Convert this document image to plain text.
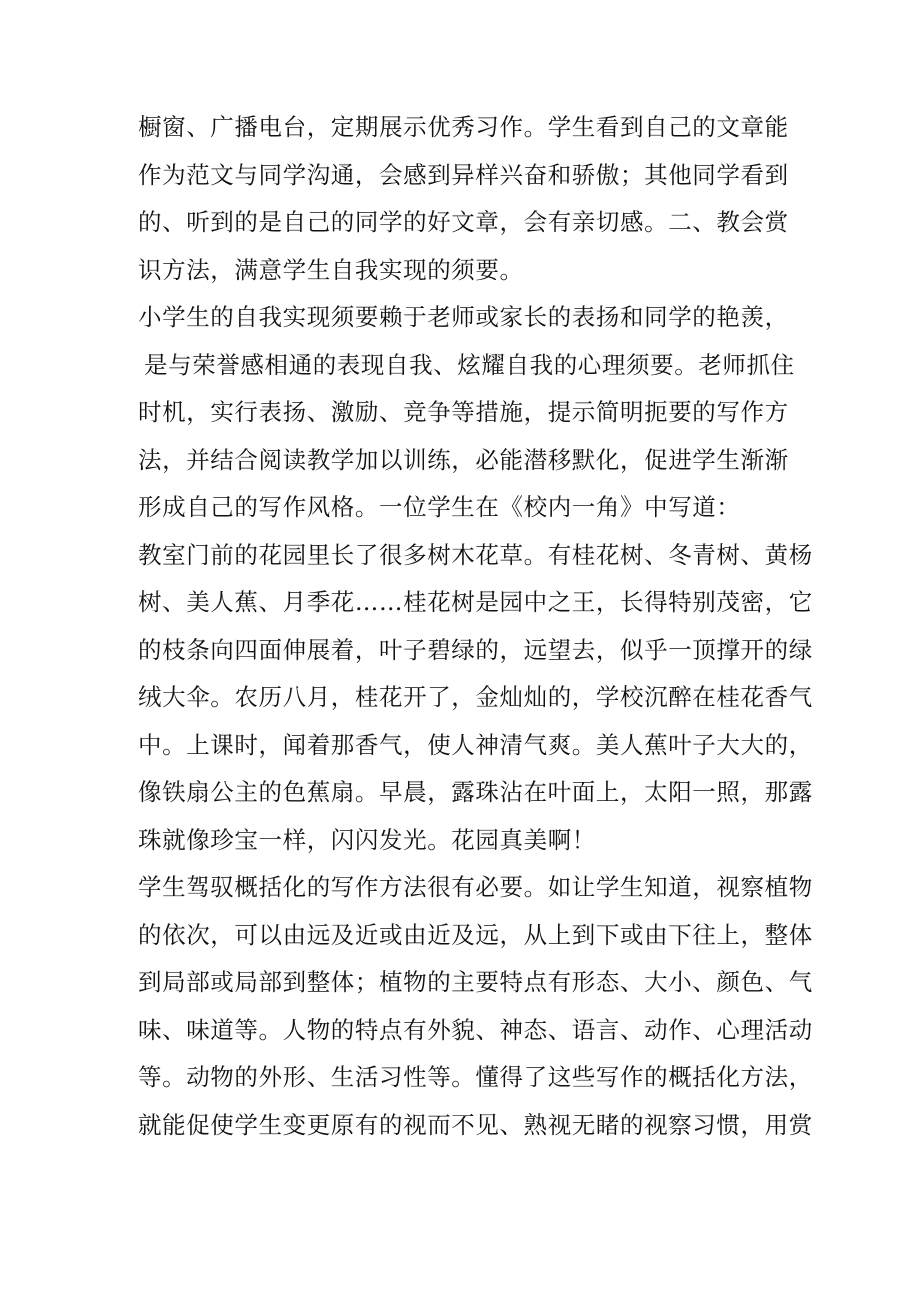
橱窗、广播电台，定期展示优秀习作。学生看到自己的文章能
作为范文与同学沟通，会感到异样兴奋和骄傲；其他同学看到
的、听到的是自己的同学的好文章，会有亲切感。二、教会赏
识方法，满意学生自我实现的须要。
小学生的自我实现须要赖于老师或家长的表扬和同学的艳羡，
是与荣誉感相通的表现自我、炫耀自我的心理须要。老师抓住
时机，实行表扬、激励、竞争等措施，提示简明扼要的写作方
法，并结合阅读教学加以训练，必能潜移默化，促进学生渐渐
形成自己的写作风格。一位学生在《校内一角》中写道：
教室门前的花园里长了很多树木花草。有桂花树、冬青树、黄杨
树、美人蕉、月季花……桂花树是园中之王，长得特别茂密，它
的枝条向四面伸展着，叶子碧绿的，远望去，似乎一顶撑开的绿
绒大伞。农历八月，桂花开了，金灿灿的，学校沉醉在桂花香气
中。上课时，闻着那香气，使人神清气爽。美人蕉叶子大大的，
像铁扇公主的色蕉扇。早晨，露珠沾在叶面上，太阳一照，那露
珠就像珍宝一样，闪闪发光。花园真美啊！
学生驾驭概括化的写作方法很有必要。如让学生知道，视察植物
的依次，可以由远及近或由近及远，从上到下或由下往上，整体
到局部或局部到整体；植物的主要特点有形态、大小、颜色、气
味、味道等。人物的特点有外貌、神态、语言、动作、心理活动
等。动物的外形、生活习性等。懂得了这些写作的概括化方法，
就能促使学生变更原有的视而不见、熟视无睹的视察习惯，用赏
